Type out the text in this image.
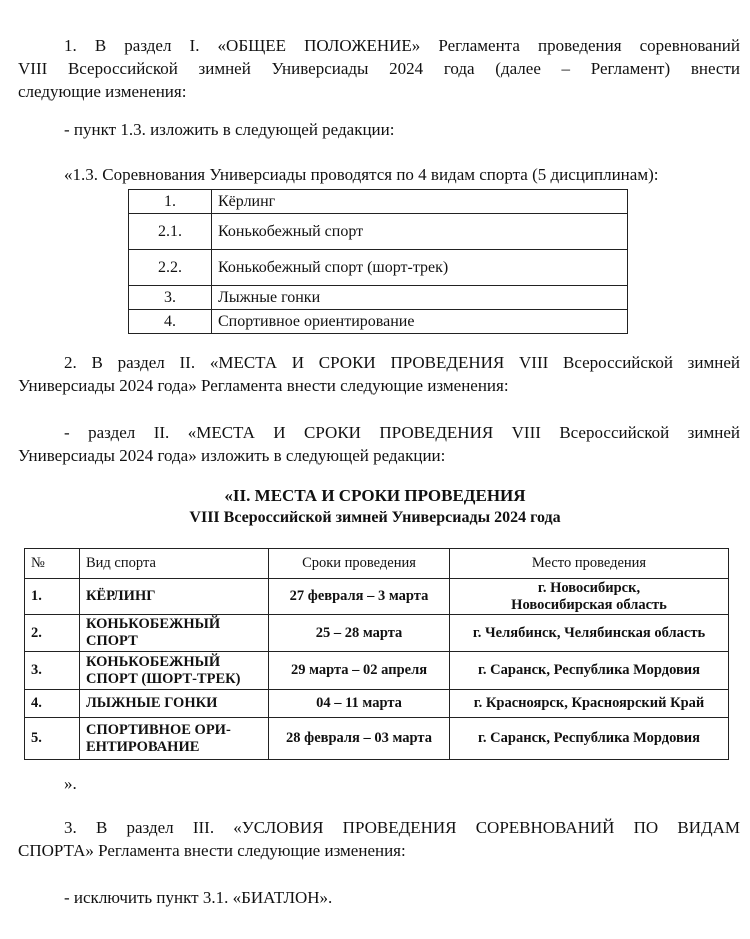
1. В раздел I. «ОБЩЕЕ ПОЛОЖЕНИЕ» Регламента проведения соревнований
VIII Всероссийской зимней Универсиады 2024 года (далее – Регламент) внести
следующие изменения:
- пункт 1.3. изложить в следующей редакции:
«1.3. Соревнования Универсиады проводятся по 4 видам спорта (5 дисциплинам):
1.	Кёрлинг
2.1.	Конькобежный спорт
2.2.	Конькобежный спорт (шорт-трек)
3.	Лыжные гонки
4.	Спортивное ориентирование
2. В раздел II. «МЕСТА И СРОКИ ПРОВЕДЕНИЯ VIII Всероссийской зимней
Универсиады 2024 года» Регламента внести следующие изменения:
- раздел II. «МЕСТА И СРОКИ ПРОВЕДЕНИЯ VIII Всероссийской зимней
Универсиады 2024 года» изложить в следующей редакции:
«II. МЕСТА И СРОКИ ПРОВЕДЕНИЯ
VIII Всероссийской зимней Универсиады 2024 года
№	Вид спорта	Сроки проведения	Место проведения
1.	КЁРЛИНГ	27 февраля – 3 марта	г. Новосибирск,
Новосибирская область

2.	КОНЬКОБЕЖНЫЙ
СПОРТ	25 – 28 марта	г. Челябинск, Челябинская область

3.	КОНЬКОБЕЖНЫЙ
СПОРТ (ШОРТ-ТРЕК)	29 марта – 02 апреля	г. Саранск, Республика Мордовия

4.	ЛЫЖНЫЕ ГОНКИ	04 – 11 марта	г. Красноярск, Красноярский Край

5.	СПОРТИВНОЕ ОРИ-
ЕНТИРОВАНИЕ	28 февраля – 03 марта	г. Саранск, Республика Мордовия
».
3. В раздел III. «УСЛОВИЯ ПРОВЕДЕНИЯ СОРЕВНОВАНИЙ ПО ВИДАМ
СПОРТА» Регламента внести следующие изменения:
- исключить пункт 3.1. «БИАТЛОН».
